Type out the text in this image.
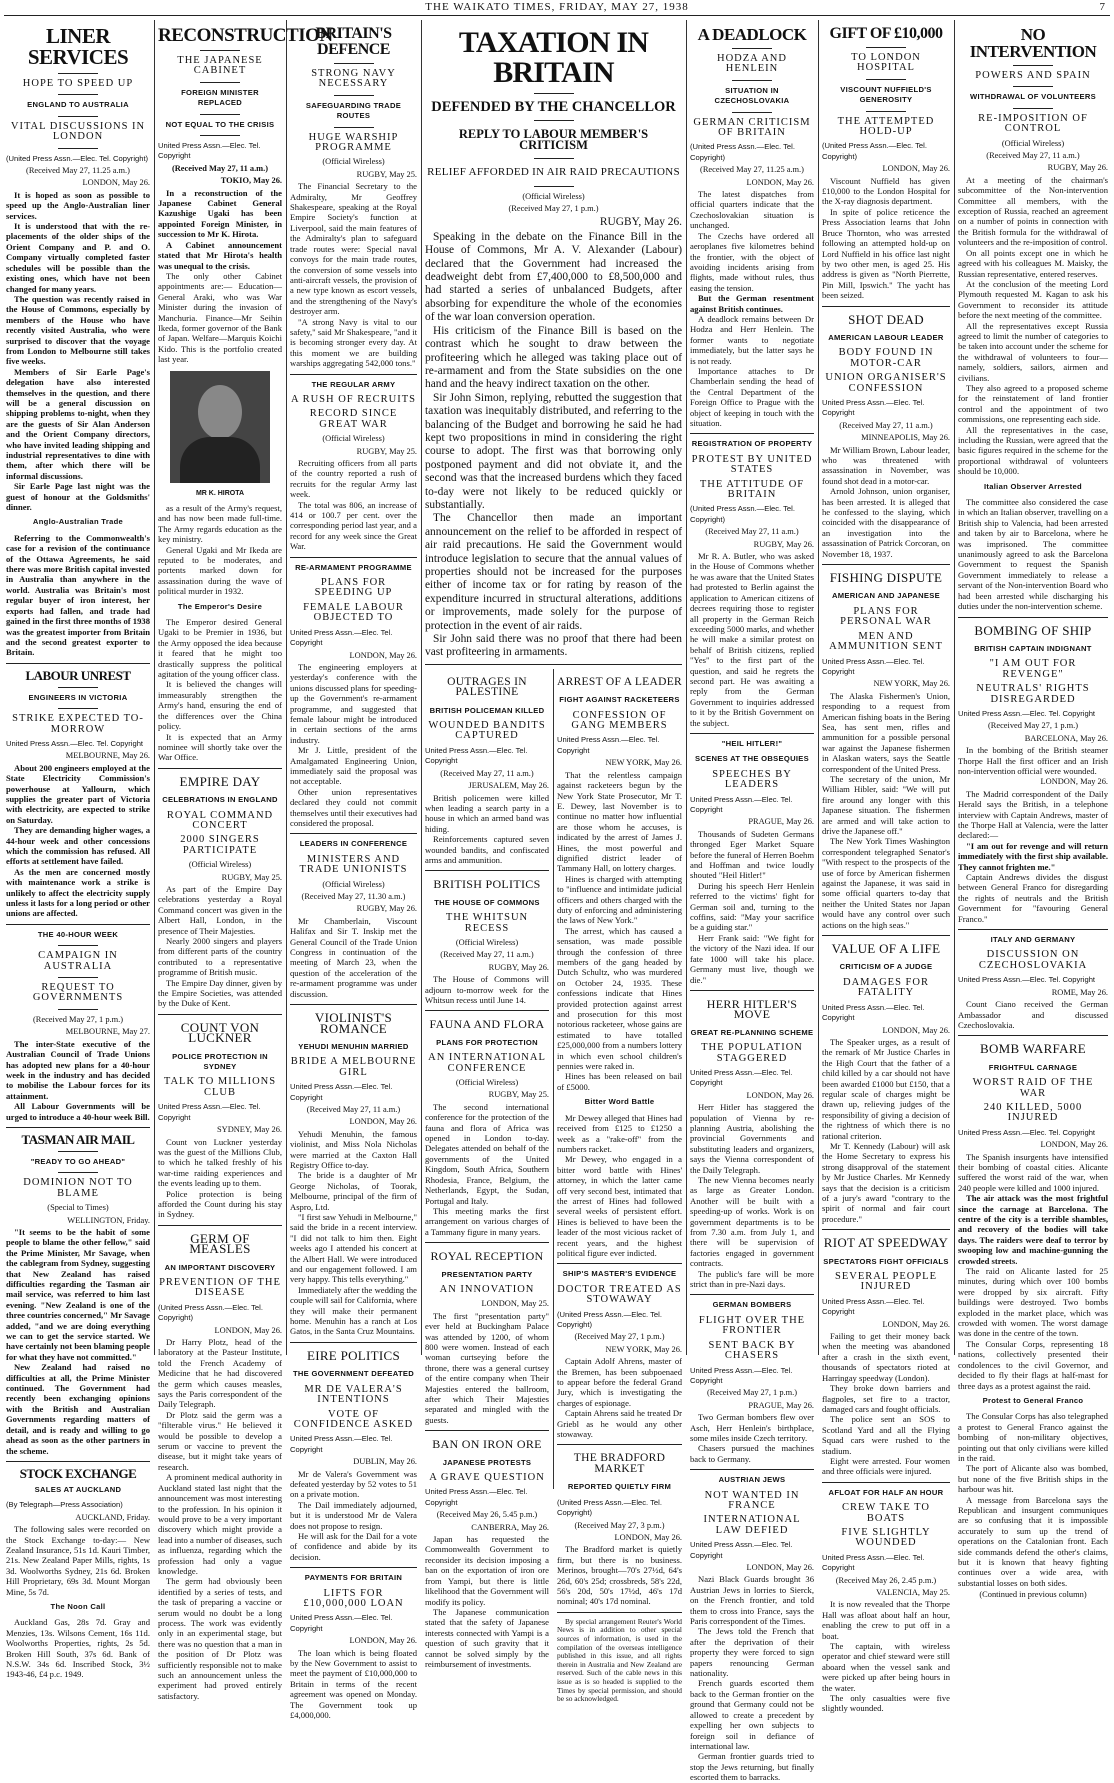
THE WAIKATO TIMES, FRIDAY, MAY 27, 1938	7
LINER SERVICES
HOPE TO SPEED UP
ENGLAND TO AUSTRALIA
VITAL DISCUSSIONS IN LONDON
(United Press Assn.—Elec. Tel. Copyright)
(Received May 27, 11.25 a.m.)
LONDON, May 26.

It is hoped as soon as possible to speed up the Anglo-Australian liner services.

It is understood that with the re-placements of the older ships of the Orient Company and P. and O. Company virtually completed faster schedules will be possible than the existing ones, which have not been changed for many years.

The question was recently raised in the House of Commons, especially by members of the House who have recently visited Australia, who were surprised to discover that the voyage from London to Melbourne still takes five weeks.

Members of Sir Earle Page's delegation have also interested themselves in the question, and there will be a general discussion on shipping problems to-night, when they are the guests of Sir Alan Anderson and the Orient Company directors, who have invited leading shipping and industrial representatives to dine with them, after which there will be informal discussions.

Sir Earle Page last night was the guest of honour at the Goldsmiths' dinner.

Anglo-Australian Trade

Referring to the Commonwealth's case for a revision of the continuance of the Ottawa Agreements, he said there was more British capital invested in Australia than anywhere in the world. Australia was Britain's most regular buyer of iron interest, her exports had fallen, and trade had gained in the first three months of 1938 was the greatest importer from Britain and the second greatest exporter to Britain.

LABOUR UNREST
ENGINEERS IN VICTORIA
STRIKE EXPECTED TO-MORROW
United Press Assn.—Elec. Tel. Copyright
MELBOURNE, May 26.

About 200 engineers employed at the State Electricity Commission's powerhouse at Yallourn, which supplies the greater part of Victoria with electricity, are expected to strike on Saturday.

They are demanding higher wages, a 44-hour week and other concessions which the commission has refused. All efforts at settlement have failed.

As the men are concerned mostly with maintenance work a strike is unlikely to affect the electricity supply unless it lasts for a long period or other unions are affected.

THE 40-HOUR WEEK
CAMPAIGN IN AUSTRALIA
REQUEST TO GOVERNMENTS
(Received May 27, 1 p.m.)
MELBOURNE, May 27.

The inter-State executive of the Australian Council of Trade Unions has adopted new plans for a 40-hour week in the industry and has decided to mobilise the Labour forces for its attainment.

All Labour Governments will be urged to introduce a 40-hour week Bill.

TASMAN AIR MAIL
"READY TO GO AHEAD"
DOMINION NOT TO BLAME
(Special to Times)
WELLINGTON, Friday.

"It seems to be the habit of some people to blame the other fellow," said the Prime Minister, Mr Savage, when the cablegram from Sydney, suggesting that New Zealand has raised difficulties regarding the Tasman air mail service, was referred to him last evening. "New Zealand is one of the three countries concerned," Mr Savage added, "and we are doing everything we can to get the service started. We have certainly not been blaming people for what they have not committed."

New Zealand had raised no difficulties at all, the Prime Minister continued. The Government had recently been exchanging opinions with the British and Australian Governments regarding matters of detail, and is ready and willing to go ahead as soon as the other partners in the scheme.

STOCK EXCHANGE
SALES AT AUCKLAND
(By Telegraph—Press Association)
AUCKLAND, Friday.

The following sales were recorded on the Stock Exchange to-day:— New Zealand Insurance, 51s 1d. Kauri Timber, 21s. New Zealand Paper Mills, rights, 1s 3d. Woolworths Sydney, 21s 6d. Broken Hill Proprietary, 69s 3d. Mount Morgan Mine, 5s 7d.

The Noon Call

Auckland Gas, 28s 7d. Gray and Menzies, 13s. Wilsons Cement, 16s 11d. Woolworths Properties, rights, 2s 5d. Broken Hill South, 37s 6d. Bank of N.S.W. 34s 6d. Inscribed Stock, 3½ 1943-46, £4 p.c. 1949.

RECONSTRUCTION
THE JAPANESE CABINET
FOREIGN MINISTER REPLACED
NOT EQUAL TO THE CRISIS
United Press Assn.—Elec. Tel. Copyright
(Received May 27, 11 a.m.)
TOKIO, May 26.

In a reconstruction of the Japanese Cabinet General Kazushige Ugaki has been appointed Foreign Minister, in succession to Mr K. Hirota.

A Cabinet announcement stated that Mr Hirota's health was unequal to the crisis.

The only other Cabinet appointments are:— Education—General Araki, who was War Minister during the invasion of Manchuria. Finance—Mr Seihin Ikeda, former governor of the Bank of Japan. Welfare—Marquis Koichi Kido. This is the portfolio created last year.

MR K. HIROTA

as a result of the Army's request, and has now been made full-time. The Army regards education as the key ministry.

General Ugaki and Mr Ikeda are reputed to be moderates, and portents marked down for assassination during the wave of political murder in 1932.

The Emperor's Desire

The Emperor desired General Ugaki to be Premier in 1936, but the Army opposed the idea because it feared that he might too drastically suppress the political agitation of the young officer class.

It is believed the changes will immeasurably strengthen the Army's hand, ensuring the end of the differences over the China policy.

It is expected that an Army nominee will shortly take over the War Office.

EMPIRE DAY
CELEBRATIONS IN ENGLAND
ROYAL COMMAND CONCERT
2000 SINGERS PARTICIPATE
(Official Wireless)
RUGBY, May 25.

As part of the Empire Day celebrations yesterday a Royal Command concert was given in the Albert Hall, London, in the presence of Their Majesties.

Nearly 2000 singers and players from different parts of the country contributed to a representative programme of British music.

The Empire Day dinner, given by the Empire Societies, was attended by the Duke of Kent.

COUNT VON LUCKNER
POLICE PROTECTION IN SYDNEY
TALK TO MILLIONS CLUB
United Press Assn.—Elec. Tel. Copyright
SYDNEY, May 26.

Count von Luckner yesterday was the guest of the Millions Club, to which he talked freshly of his war-time raiding experiences and the events leading up to them.

Police protection is being afforded the Count during his stay in Sydney.

GERM OF MEASLES
AN IMPORTANT DISCOVERY
PREVENTION OF THE DISEASE
(United Press Assn.—Elec. Tel. Copyright)
LONDON, May 26.

Dr Harry Plotz, head of the laboratory at the Pasteur Institute, told the French Academy of Medicine that he had discovered the germ which causes measles, says the Paris correspondent of the Daily Telegraph.

Dr Plotz said the germ was a "filterable virus." He believed it would be possible to develop a serum or vaccine to prevent the disease, but it might take years of research.

A prominent medical authority in Auckland stated last night that the announcement was most interesting to the profession. In his opinion it would prove to be a very important discovery which might provide a lead into a number of diseases, such as influenza, regarding which the profession had only a vague knowledge.

The germ had obviously been identified by a series of tests, and the task of preparing a vaccine or serum would no doubt be a long process. The work was evidently only in an experimental stage, but there was no question that a man in the position of Dr Plotz was sufficiently responsible not to make such an announcement unless the experiment had proved entirely satisfactory.

BRITAIN'S DEFENCE
STRONG NAVY NECESSARY
SAFEGUARDING TRADE ROUTES
HUGE WARSHIP PROGRAMME
(Official Wireless)
RUGBY, May 25.

The Financial Secretary to the Admiralty, Mr Geoffrey Shakespeare, speaking at the Royal Empire Society's function at Liverpool, said the main features of the Admiralty's plan to safeguard trade routes were: Special naval convoys for the main trade routes, the conversion of some vessels into anti-aircraft vessels, the provision of a new type known as escort vessels, and the strengthening of the Navy's destroyer arm.

"A strong Navy is vital to our safety," said Mr Shakespeare, "and it is becoming stronger every day. At this moment we are building warships aggregating 542,000 tons."

THE REGULAR ARMY
A RUSH OF RECRUITS
RECORD SINCE GREAT WAR
(Official Wireless)
RUGBY, May 25.

Recruiting officers from all parts of the country reported a rush of recruits for the regular Army last week.

The total was 806, an increase of 414 or 100.7 per cent. over the corresponding period last year, and a record for any week since the Great War.

RE-ARMAMENT PROGRAMME
PLANS FOR SPEEDING UP
FEMALE LABOUR OBJECTED TO
United Press Assn.—Elec. Tel. Copyright
LONDON, May 26.

The engineering employers at yesterday's conference with the unions discussed plans for speeding-up the Government's re-armament programme, and suggested that female labour might be introduced in certain sections of the arms industry.

Mr J. Little, president of the Amalgamated Engineering Union, immediately said the proposal was not acceptable.

Other union representatives declared they could not commit themselves until their executives had considered the proposal.

LEADERS IN CONFERENCE
MINISTERS AND TRADE UNIONISTS
(Official Wireless)
(Received May 27, 11.30 a.m.)
RUGBY, May 26.

Mr Chamberlain, Viscount Halifax and Sir T. Inskip met the General Council of the Trade Union Congress in continuation of the meeting of March 23, when the question of the acceleration of the re-armament programme was under discussion.

VIOLINIST'S ROMANCE
YEHUDI MENUHIN MARRIED
BRIDE A MELBOURNE GIRL
United Press Assn.—Elec. Tel. Copyright
(Received May 27, 11 a.m.)
LONDON, May 26.

Yehudi Menuhin, the famous violinist, and Miss Nola Nicholas were married at the Caxton Hall Registry Office to-day.

The bride is a daughter of Mr George Nicholas, of Toorak, Melbourne, principal of the firm of Aspro, Ltd.

"I first saw Yehudi in Melbourne," said the bride in a recent interview. "I did not talk to him then. Eight weeks ago I attended his concert at the Albert Hall. We were introduced and our engagement followed. I am very happy. This tells everything."

Immediately after the wedding the couple will sail for California, where they will make their permanent home. Menuhin has a ranch at Los Gatos, in the Santa Cruz Mountains.

EIRE POLITICS
THE GOVERNMENT DEFEATED
MR DE VALERA'S INTENTIONS
VOTE OF CONFIDENCE ASKED
United Press Assn.—Elec. Tel. Copyright
DUBLIN, May 26.

Mr de Valera's Government was defeated yesterday by 52 votes to 51 on a private motion.

The Dail immediately adjourned, but it is understood Mr de Valera does not propose to resign.

He will ask for the Dail for a vote of confidence and abide by its decision.

PAYMENTS FOR BRITAIN
LIFTS FOR £10,000,000 LOAN
United Press Assn.—Elec. Tel. Copyright
LONDON, May 26.

The loan which is being floated by the New Government to assist to meet the payment of £10,000,000 to Britain in terms of the recent agreement was opened on Monday. The Government took up £4,000,000.

TAXATION IN BRITAIN
DEFENDED BY THE CHANCELLOR
REPLY TO LABOUR MEMBER'S CRITICISM
RELIEF AFFORDED IN AIR RAID PRECAUTIONS
(Official Wireless)
(Received May 27, 1 p.m.)
RUGBY, May 26.

Speaking in the debate on the Finance Bill in the House of Commons, Mr A. V. Alexander (Labour) declared that the Government had increased the deadweight debt from £7,400,000 to £8,500,000 and had started a series of unbalanced Budgets, after absorbing for expenditure the whole of the economies of the war loan conversion operation.

His criticism of the Finance Bill is based on the contrast which he sought to draw between the profiteering which he alleged was taking place out of re-armament and from the State subsidies on the one hand and the heavy indirect taxation on the other.

Sir John Simon, replying, rebutted the suggestion that taxation was inequitably distributed, and referring to the balancing of the Budget and borrowing he said he had kept two propositions in mind in considering the right course to adopt. The first was that borrowing only postponed payment and did not obviate it, and the second was that the increased burdens which they faced to-day were not likely to be reduced quickly or substantially.

The Chancellor then made an important announcement on the relief to be afforded in respect of air raid precautions. He said the Government would introduce legislation to secure that the annual values of properties should not be increased for the purposes either of income tax or for rating by reason of the expenditure incurred in structural alterations, additions or improvements, made solely for the purpose of protection in the event of air raids.

Sir John said there was no proof that there had been vast profiteering in armaments.

OUTRAGES IN PALESTINE
BRITISH POLICEMAN KILLED
WOUNDED BANDITS CAPTURED
United Press Assn.—Elec. Tel. Copyright
(Received May 27, 11 a.m.)
JERUSALEM, May 26.

British policemen were killed when leading a search party in a house in which an armed band was hiding.

Reinforcements captured seven wounded bandits, and confiscated arms and ammunition.

BRITISH POLITICS
THE HOUSE OF COMMONS
THE WHITSUN RECESS
(Official Wireless)
(Received May 27, 11 a.m.)
RUGBY, May 26.

The House of Commons will adjourn to-morrow week for the Whitsun recess until June 14.

FAUNA AND FLORA
PLANS FOR PROTECTION
AN INTERNATIONAL CONFERENCE
(Official Wireless)
RUGBY, May 25.

The second international conference for the protection of the fauna and flora of Africa was opened in London to-day. Delegates attended on behalf of the governments of the United Kingdom, South Africa, Southern Rhodesia, France, Belgium, the Netherlands, Egypt, the Sudan, Portugal and Italy.

This meeting marks the first arrangement on various charges of a Tammany figure in many years.

ROYAL RECEPTION
PRESENTATION PARTY
AN INNOVATION
LONDON, May 25.

The first "presentation party" ever held at Buckingham Palace was attended by 1200, of whom 800 were women. Instead of each woman curtseying before the throne, there was a general curtsey of the entire company when Their Majesties entered the ballroom, after which Their Majesties separated and mingled with the guests.

BAN ON IRON ORE
JAPANESE PROTESTS
A GRAVE QUESTION
United Press Assn.—Elec. Tel. Copyright
(Received May 26, 5.45 p.m.)
CANBERRA, May 26.

Japan has requested the Commonwealth Government to reconsider its decision imposing a ban on the exportation of iron ore from Yampi, but there is little likelihood that the Government will modify its policy.

The Japanese communication stated that the safety of Japanese interests connected with Yampi is a question of such gravity that it cannot be solved simply by the reimbursement of investments.

ARREST OF A LEADER
FIGHT AGAINST RACKETEERS
CONFESSION OF GANG MEMBERS
United Press Assn.—Elec. Tel. Copyright
NEW YORK, May 26.

That the relentless campaign against racketeers begun by the New York State Prosecutor, Mr T. E. Dewey, last November is to continue no matter how influential are those whom he accuses, is indicated by the arrest of James J. Hines, the most powerful and dignified district leader of Tammany Hall, on lottery charges.

Hines is charged with attempting to "influence and intimidate judicial officers and others charged with the duty of enforcing and administering the laws of New York."

The arrest, which has caused a sensation, was made possible through the confession of three members of the gang headed by Dutch Schultz, who was murdered on October 24, 1935. These confessions indicate that Hines provided protection against arrest and prosecution for this most notorious racketeer, whose gains are estimated to have totalled £25,000,000 from a numbers lottery in which even school children's pennies were raked in.

Hines has been released on bail of £5000.

Bitter Word Battle

Mr Dewey alleged that Hines had received from £125 to £1250 a week as a "rake-off" from the numbers racket.

Mr Dewey, who engaged in a bitter word battle with Hines' attorney, in which the latter came off very second best, intimated that the arrest of Hines had followed several weeks of persistent effort. Hines is believed to have been the leader of the most vicious racket of recent years, and the highest political figure ever indicted.

SHIP'S MASTER'S EVIDENCE
DOCTOR TREATED AS STOWAWAY
(United Press Assn.—Elec. Tel. Copyright)
(Received May 27, 1 p.m.)
NEW YORK, May 26.

Captain Adolf Ahrens, master of the Bremen, has been subpoenaed to appear before the federal Grand Jury, which is investigating the charges of espionage.

Captain Ahrens said he treated Dr Griebl as he would any other stowaway.

THE BRADFORD MARKET
REPORTED QUIETLY FIRM
(United Press Assn.—Elec. Tel. Copyright)
(Received May 27, 3 p.m.)
LONDON, May 26.

The Bradford market is quietly firm, but there is no business. Merinos, brought—70's 27½d, 64's 26d, 60's 25d; crossbreds, 58's 22d, 56's 20d, 50's 17½d, 46's 17d nominal; 40's 17d nominal.

By special arrangement Reuter's World News is in addition to other special sources of information, is used in the compilation of the overseas intelligence published in this issue, and all rights therein in Australia and New Zealand are reserved. Such of the cable news in this issue as is so headed is supplied to the Times by special permission, and should be so acknowledged.

A DEADLOCK
HODZA AND HENLEIN
SITUATION IN CZECHOSLOVAKIA
GERMAN CRITICISM OF BRITAIN
(United Press Assn.—Elec. Tel. Copyright)
(Received May 27, 11.25 a.m.)
LONDON, May 26.

The latest dispatches from official quarters indicate that the Czechoslovakian situation is unchanged.

The Czechs have ordered all aeroplanes five kilometres behind the frontier, with the object of avoiding incidents arising from flights, made without rules, thus easing the tension.

But the German resentment against British continues.

A deadlock remains between Dr Hodza and Herr Henlein. The former wants to negotiate immediately, but the latter says he is not ready.

Importance attaches to Dr Chamberlain sending the head of the Central Department of the Foreign Office to Prague with the object of keeping in touch with the situation.

REGISTRATION OF PROPERTY
PROTEST BY UNITED STATES
THE ATTITUDE OF BRITAIN
(United Press Assn.—Elec. Tel. Copyright)
(Received May 27, 11 a.m.)
RUGBY, May 26.

Mr R. A. Butler, who was asked in the House of Commons whether he was aware that the United States had protested to Berlin against the application to American citizens of decrees requiring those to register all property in the German Reich exceeding 5000 marks, and whether he will make a similar protest on behalf of British citizens, replied "Yes" to the first part of the question, and said he regrets the second part. He was awaiting a reply from the German Government to inquiries addressed to it by the British Government on the subject.

"HEIL HITLER!"
SCENES AT THE OBSEQUIES
SPEECHES BY LEADERS
United Press Assn.—Elec. Tel. Copyright
PRAGUE, May 26.

Thousands of Sudeten Germans thronged Eger Market Square before the funeral of Herren Boehm and Hoffman and twice loudly shouted "Heil Hitler!"

During his speech Herr Henlein referred to the victims' fight for German soil and, turning to the coffins, said: "May your sacrifice be a guiding star."

Herr Frank said: "We fight for the victory of the Nazi idea. If our fate 1000 will take his place. Germany must live, though we die."

HERR HITLER'S MOVE
GREAT RE-PLANNING SCHEME
THE POPULATION STAGGERED
United Press Assn.—Elec. Tel. Copyright
LONDON, May 26.

Herr Hitler has staggered the population of Vienna by re-planning Austria, abolishing the provincial Governments and substituting leaders and organizers, says the Vienna correspondent of the Daily Telegraph.

The new Vienna becomes nearly as large as Greater London. Another will be built with a speeding-up of works. Work is on government departments is to be from 7.30 a.m. from July 1, and there will be supervision of factories engaged in government contracts.

The public's fare will be more strict than in pre-Nazi days.

GERMAN BOMBERS
FLIGHT OVER THE FRONTIER
SENT BACK BY CHASERS
United Press Assn.—Elec. Tel. Copyright
(Received May 27, 1 p.m.)
PRAGUE, May 26.

Two German bombers flew over Asch, Herr Henlein's birthplace, some miles inside Czech territory.

Chasers pursued the machines back to Germany.

AUSTRIAN JEWS
NOT WANTED IN FRANCE
INTERNATIONAL LAW DEFIED
United Press Assn.—Elec. Tel. Copyright
LONDON, May 26.

Nazi Black Guards brought 36 Austrian Jews in lorries to Sierck, on the French frontier, and told them to cross into France, says the Paris correspondent of the Times.

The Jews told the French that after the deprivation of their property they were forced to sign papers renouncing German nationality.

French guards escorted them back to the German frontier on the ground that Germany could not be allowed to create a precedent by expelling her own subjects to foreign soil in defiance of international law.

German frontier guards tried to stop the Jews returning, but finally escorted them to barracks.

GIFT OF £10,000
TO LONDON HOSPITAL
VISCOUNT NUFFIELD'S GENEROSITY
THE ATTEMPTED HOLD-UP
(United Press Assn.—Elec. Tel. Copyright)
LONDON, May 26.

Viscount Nuffield has given £10,000 to the London Hospital for the X-ray diagnosis department.

In spite of police reticence the Press Association learns that John Bruce Thornton, who was arrested following an attempted hold-up on Lord Nuffield in his office last night by two other men, is aged 25. His address is given as "North Pierrette, Pin Mill, Ipswich." The yacht has been seized.

SHOT DEAD
AMERICAN LABOUR LEADER
BODY FOUND IN MOTOR-CAR
UNION ORGANISER'S CONFESSION
United Press Assn.—Elec. Tel. Copyright
(Received May 27, 11 a.m.)
MINNEAPOLIS, May 26.

Mr William Brown, Labour leader, who was threatened with assassination in November, was found shot dead in a motor-car.

Arnold Johnson, union organiser, has been arrested. It is alleged that he confessed to the slaying, which coincided with the disappearance of an investigation into the assassination of Patrick Corcoran, on November 18, 1937.

FISHING DISPUTE
AMERICAN AND JAPANESE
PLANS FOR PERSONAL WAR
MEN AND AMMUNITION SENT
United Press Assn.—Elec. Tel. Copyright
NEW YORK, May 26.

The Alaska Fishermen's Union, responding to a request from American fishing boats in the Bering Sea, has sent men, rifles and ammunition for a possible personal war against the Japanese fishermen in Alaskan waters, says the Seattle correspondent of the United Press.

The secretary of the union, Mr William Hibler, said: "We will put fire around any longer with this Japanese situation. The fishermen are armed and will take action to drive the Japanese off."

The New York Times Washington correspondent telegraphed Senator's "With respect to the prospects of the use of force by American fishermen against the Japanese, it was said in some official quarters to-day that neither the United States nor Japan would have any control over such actions on the high seas."

VALUE OF A LIFE
CRITICISM OF A JUDGE
DAMAGES FOR FATALITY
United Press Assn.—Elec. Tel. Copyright
LONDON, May 26.

The Speaker urges, as a result of the remark of Mr Justice Charles in the High Court that the father of a child killed by a car should not have been awarded £1000 but £150, that a regular scale of charges might be drawn up, relieving judges of the responsibility of giving a decision of the rightness of which there is no rational criterion.

Mr T. Kennedy (Labour) will ask the Home Secretary to express his strong disapproval of the statement by Mr Justice Charles. Mr Kennedy says that the decision is a criticism of a jury's award "contrary to the spirit of normal and fair court procedure."

RIOT AT SPEEDWAY
SPECTATORS FIGHT OFFICIALS
SEVERAL PEOPLE INJURED
United Press Assn.—Elec. Tel. Copyright
LONDON, May 26.

Failing to get their money back when the meeting was abandoned after a crash in the sixth event, thousands of spectators rioted at Harringay speedway (London).

They broke down barriers and flagpoles, set fire to a tractor, damaged cars and fought officials.

The police sent an SOS to Scotland Yard and all the Flying Squad cars were rushed to the stadium.

Eight were arrested. Four women and three officials were injured.

AFLOAT FOR HALF AN HOUR
CREW TAKE TO BOATS
FIVE SLIGHTLY WOUNDED
United Press Assn.—Elec. Tel. Copyright
(Received May 26, 2.45 p.m.)
VALENCIA, May 25.

It is now revealed that the Thorpe Hall was afloat about half an hour, enabling the crew to put off in a boat.

The captain, with wireless operator and chief steward were still aboard when the vessel sank and were picked up after being hours in the water.

The only casualties were five slightly wounded.

NO INTERVENTION
POWERS AND SPAIN
WITHDRAWAL OF VOLUNTEERS
RE-IMPOSITION OF CONTROL
(Official Wireless)
(Received May 27, 11 a.m.)
RUGBY, May 26.

At a meeting of the chairman's subcommittee of the Non-intervention Committee all members, with the exception of Russia, reached an agreement on a number of points in connection with the British formula for the withdrawal of volunteers and the re-imposition of control.

On all points except one in which he agreed with his colleagues M. Maisky, the Russian representative, entered reserves.

At the conclusion of the meeting Lord Plymouth requested M. Kagan to ask his Government to reconsider its attitude before the next meeting of the committee.

All the representatives except Russia agreed to limit the number of categories to be taken into account under the scheme for the withdrawal of volunteers to four—namely, soldiers, sailors, airmen and civilians.

They also agreed to a proposed scheme for the reinstatement of land frontier control and the appointment of two commissions, one representing each side.

All the representatives in the case, including the Russian, were agreed that the basic figures required in the scheme for the proportional withdrawal of volunteers should be 10,000.

Italian Observer Arrested

The committee also considered the case in which an Italian observer, travelling on a British ship to Valencia, had been arrested and taken by air to Barcelona, where he was imprisoned. The committee unanimously agreed to ask the Barcelona Government to request the Spanish Government immediately to release a servant of the Non-intervention Board who had been arrested while discharging his duties under the non-intervention scheme.

BOMBING OF SHIP
BRITISH CAPTAIN INDIGNANT
"I AM OUT FOR REVENGE"
NEUTRALS' RIGHTS DISREGARDED
United Press Assn.—Elec. Tel. Copyright
(Received May 27, 1 p.m.)
BARCELONA, May 26.

In the bombing of the British steamer Thorpe Hall the first officer and an Irish non-intervention official were wounded.

LONDON, May 26.

The Madrid correspondent of the Daily Herald says the British, in a telephone interview with Captain Andrews, master of the Thorpe Hall at Valencia, were the latter declared:—

"I am out for revenge and will return immediately with the first ship available. They cannot frighten me."

Captain Andrews divides the disgust between General Franco for disregarding the rights of neutrals and the British Government for "favouring General Franco."

ITALY AND GERMANY
DISCUSSION ON CZECHOSLOVAKIA
United Press Assn.—Elec. Tel. Copyright
ROME, May 26.

Count Ciano received the German Ambassador and discussed Czechoslovakia.

BOMB WARFARE
FRIGHTFUL CARNAGE
WORST RAID OF THE WAR
240 KILLED, 5000 INJURED
United Press Assn.—Elec. Tel. Copyright
LONDON, May 26.

The Spanish insurgents have intensified their bombing of coastal cities. Alicante suffered the worst raid of the war, when 240 people were killed and 1000 injured.

The air attack was the most frightful since the carnage at Barcelona. The centre of the city is a terrible shambles, and recovery of the bodies will take days. The raiders were deaf to terror by swooping low and machine-gunning the crowded streets.

The raid on Alicante lasted for 25 minutes, during which over 100 bombs were dropped by six aircraft. Fifty buildings were destroyed. Two bombs exploded in the market place, which was crowded with women. The worst damage was done in the centre of the town.

The Consular Corps, representing 18 nations, collectively presented their condolences to the civil Governor, and decided to fly their flags at half-mast for three days as a protest against the raid.

Protest to General Franco

The Consular Corps has also telegraphed a protest to General Franco against the bombing of non-military objectives, pointing out that only civilians were killed in the raid.

The port of Alicante also was bombed, but none of the five British ships in the harbour was hit.

A message from Barcelona says the Republican and insurgent communiques are so confusing that it is impossible accurately to sum up the trend of operations on the Catalonian front. Each side commands defend the other's claims, but it is known that heavy fighting continues over a wide area, with substantial losses on both sides.

(Continued in previous column)
